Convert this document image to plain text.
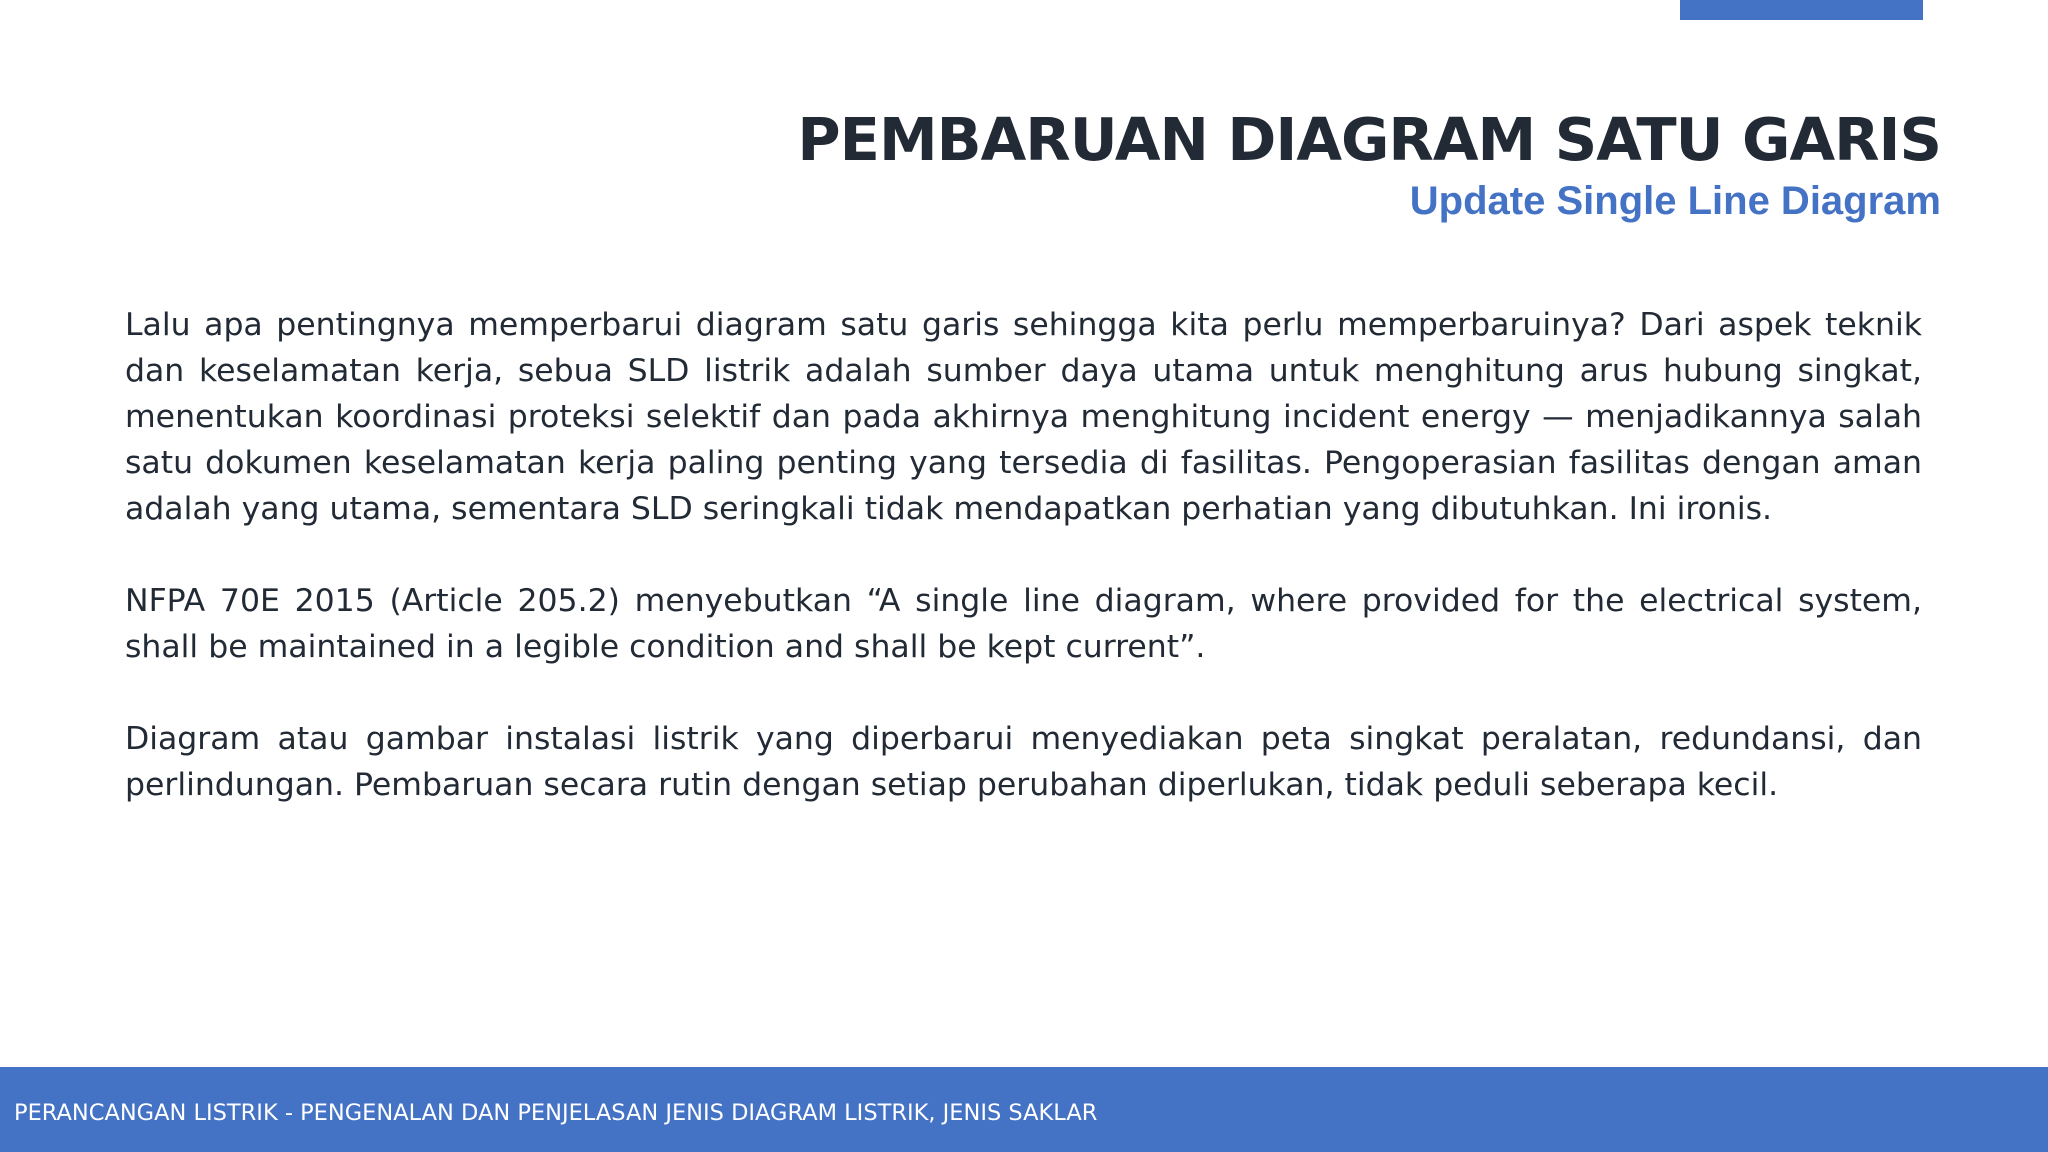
PEMBARUAN DIAGRAM SATU GARIS
Update Single Line Diagram

Lalu apa pentingnya memperbarui diagram satu garis sehingga kita perlu memperbaruinya? Dari aspek teknik dan keselamatan kerja, sebua SLD listrik adalah sumber daya utama untuk menghitung arus hubung singkat, menentukan koordinasi proteksi selektif dan pada akhirnya menghitung incident energy — menjadikannya salah satu dokumen keselamatan kerja paling penting yang tersedia di fasilitas. Pengoperasian fasilitas dengan aman adalah yang utama, sementara SLD seringkali tidak mendapatkan perhatian yang dibutuhkan. Ini ironis.

NFPA 70E 2015 (Article 205.2) menyebutkan “A single line diagram, where provided for the electrical system, shall be maintained in a legible condition and shall be kept current”.

Diagram atau gambar instalasi listrik yang diperbarui menyediakan peta singkat peralatan, redundansi, dan perlindungan. Pembaruan secara rutin dengan setiap perubahan diperlukan, tidak peduli seberapa kecil.

PERANCANGAN LISTRIK - PENGENALAN DAN PENJELASAN JENIS DIAGRAM LISTRIK, JENIS SAKLAR
